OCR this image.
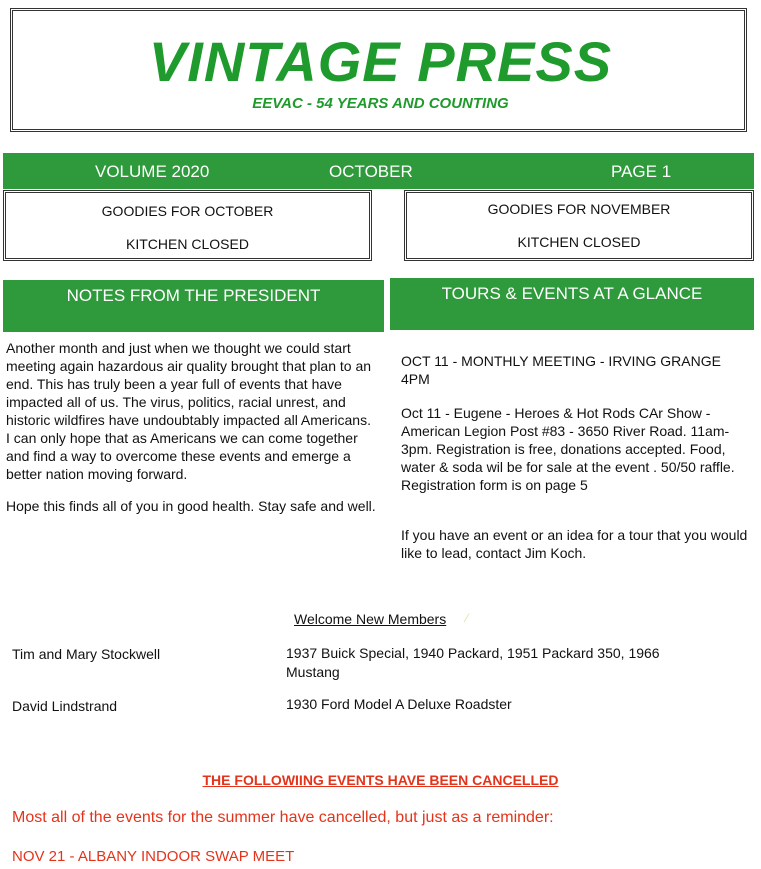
VINTAGE PRESS
EEVAC - 54 YEARS AND COUNTING
VOLUME 2020	OCTOBER	PAGE 1
GOODIES FOR OCTOBER
KITCHEN CLOSED
GOODIES FOR NOVEMBER
KITCHEN CLOSED
NOTES FROM THE PRESIDENT	TOURS & EVENTS AT A GLANCE

Another month and just when we thought we could start meeting again hazardous air quality brought that plan to an end. This has truly been a year full of events that have impacted all of us. The virus, politics, racial unrest, and historic wildfires have undoubtably impacted all Americans. I can only hope that as Americans we can come together and find a way to overcome these events and emerge a better nation moving forward.

Hope this finds all of you in good health. Stay safe and well.

OCT 11 - MONTHLY MEETING - IRVING GRANGE 4PM

Oct 11 - Eugene - Heroes & Hot Rods CAr Show - American Legion Post #83 - 3650 River Road. 11am-3pm. Registration is free, donations accepted. Food, water & soda wil be for sale at the event . 50/50 raffle. Registration form is on page 5

If you have an event or an idea for a tour that you would like to lead, contact Jim Koch.

Welcome New Members ⁄
Tim and Mary Stockwell	1937 Buick Special, 1940 Packard, 1951 Packard 350, 1966 Mustang
David Lindstrand	1930 Ford Model A Deluxe Roadster
THE FOLLOWIING EVENTS HAVE BEEN CANCELLED
Most all of the events for the summer have cancelled, but just as a reminder:
NOV 21 - ALBANY INDOOR SWAP MEET
